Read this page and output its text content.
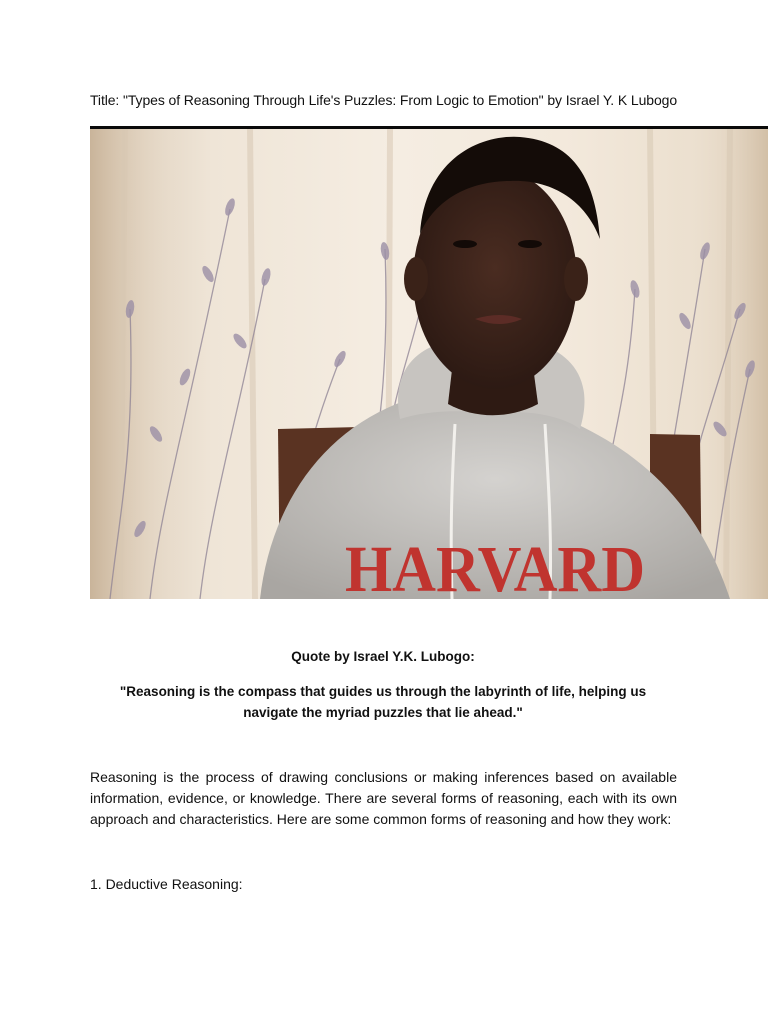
Title: "Types of Reasoning Through Life's Puzzles: From Logic to Emotion" by Israel Y. K Lubogo
HARVARD
Quote by Israel Y.K. Lubogo:
"Reasoning is the compass that guides us through the labyrinth of life, helping us navigate the myriad puzzles that lie ahead."
Reasoning is the process of drawing conclusions or making inferences based on available information, evidence, or knowledge. There are several forms of reasoning, each with its own approach and characteristics. Here are some common forms of reasoning and how they work:
1. Deductive Reasoning:
